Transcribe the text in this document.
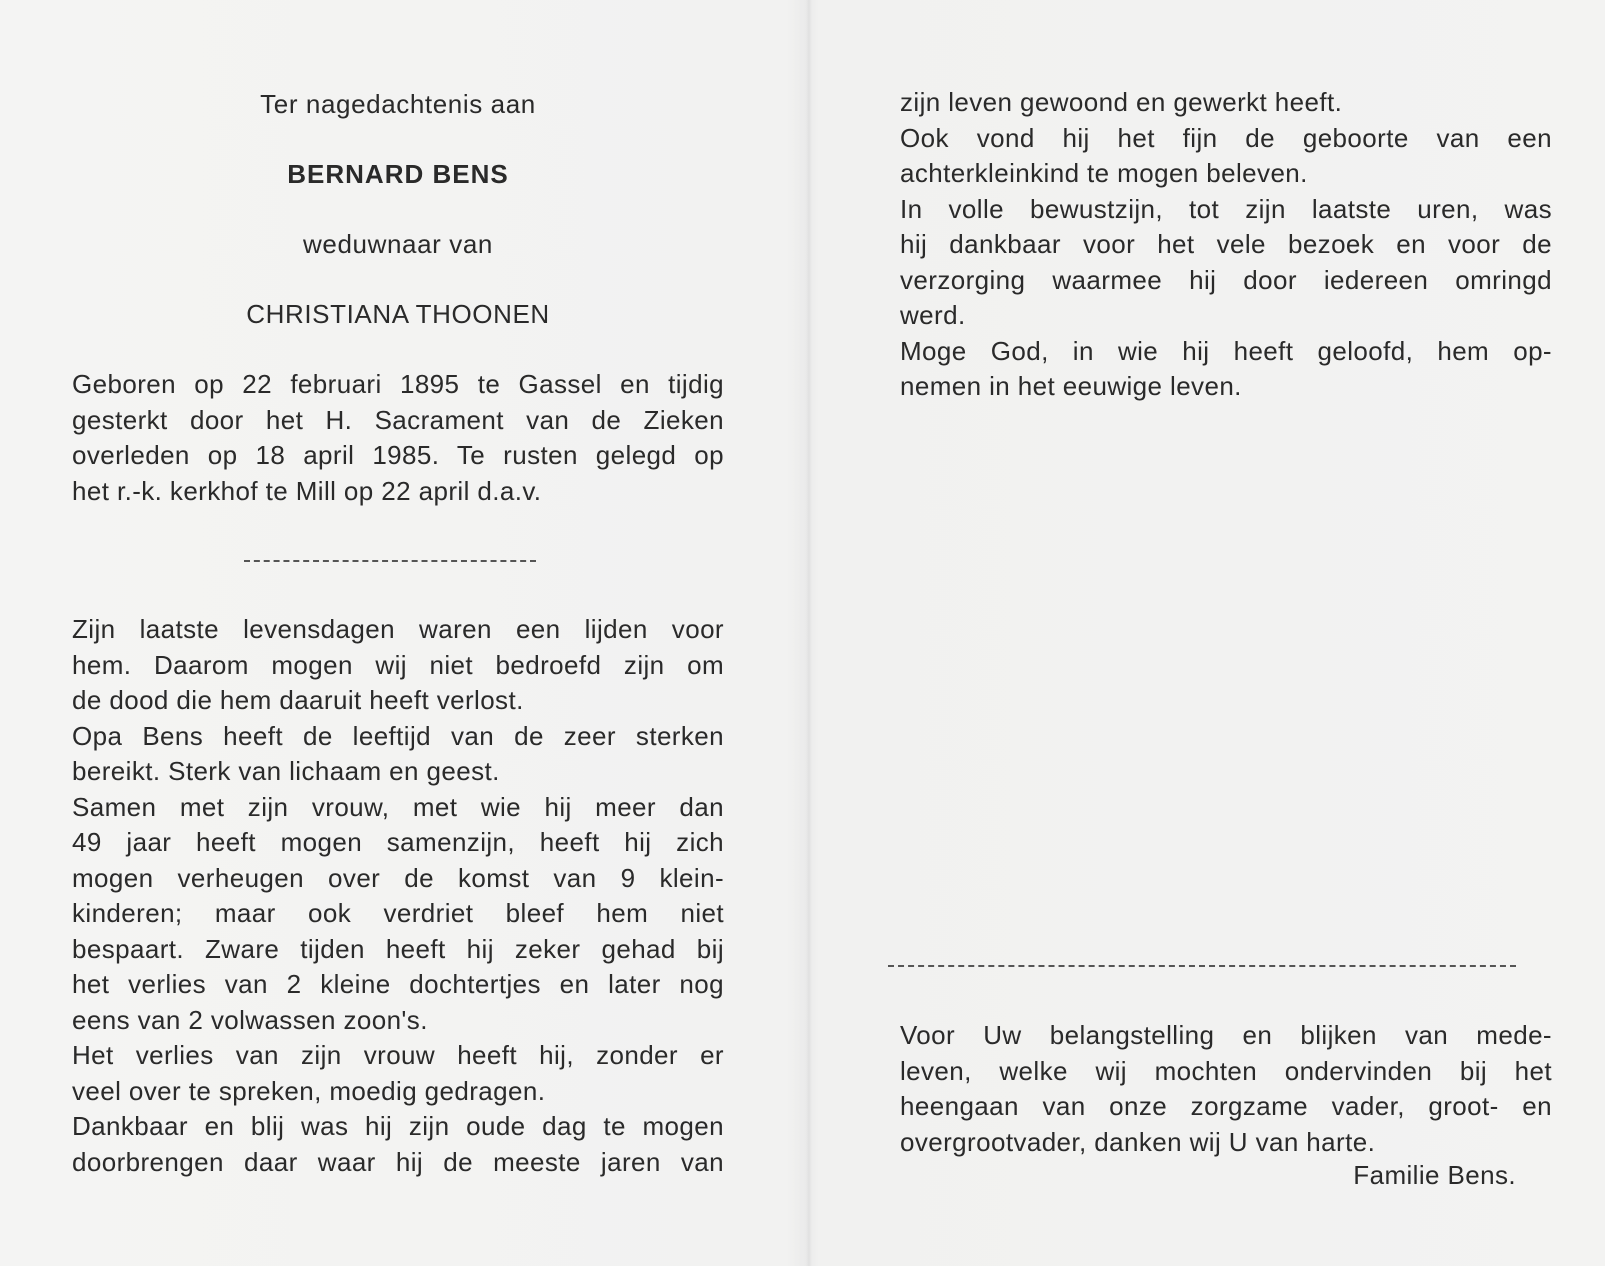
Ter nagedachtenis aan
BERNARD BENS
weduwnaar van
CHRISTIANA THOONEN
Geboren op 22 februari 1895 te Gassel en tijdig
gesterkt door het H. Sacrament van de Zieken
overleden op 18 april 1985. Te rusten gelegd op
het r.-k. kerkhof te Mill op 22 april d.a.v.
Zijn laatste levensdagen waren een lijden voor
hem. Daarom mogen wij niet bedroefd zijn om
de dood die hem daaruit heeft verlost.
Opa Bens heeft de leeftijd van de zeer sterken
bereikt. Sterk van lichaam en geest.
Samen met zijn vrouw, met wie hij meer dan
49 jaar heeft mogen samenzijn, heeft hij zich
mogen verheugen over de komst van 9 klein-
kinderen; maar ook verdriet bleef hem niet
bespaart. Zware tijden heeft hij zeker gehad bij
het verlies van 2 kleine dochtertjes en later nog
eens van 2 volwassen zoon's.
Het verlies van zijn vrouw heeft hij, zonder er
veel over te spreken, moedig gedragen.
Dankbaar en blij was hij zijn oude dag te mogen
doorbrengen daar waar hij de meeste jaren van
zijn leven gewoond en gewerkt heeft.
Ook vond hij het fijn de geboorte van een
achterkleinkind te mogen beleven.
In volle bewustzijn, tot zijn laatste uren, was
hij dankbaar voor het vele bezoek en voor de
verzorging waarmee hij door iedereen omringd
werd.
Moge God, in wie hij heeft geloofd, hem op-
nemen in het eeuwige leven.
Voor Uw belangstelling en blijken van mede-
leven, welke wij mochten ondervinden bij het
heengaan van onze zorgzame vader, groot- en
overgrootvader, danken wij U van harte.
Familie Bens.
